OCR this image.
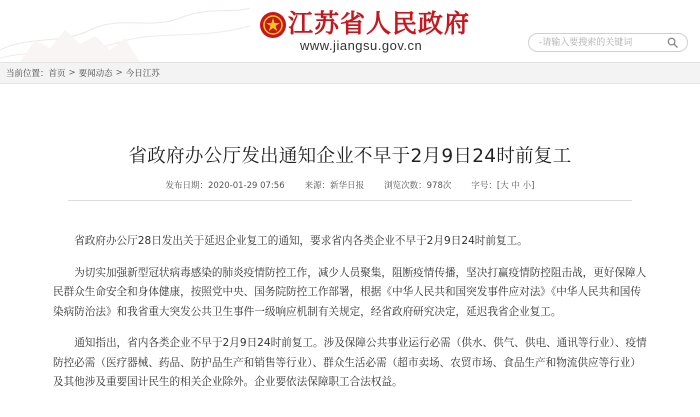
江苏省人民政府
www.jiangsu.gov.cn
-请输入要搜索的关键词
当前位置： 首页 > 要闻动态 > 今日江苏
省政府办公厅发出通知企业不早于2月9日24时前复工
发布日期：2020-01-29 07:56 来源：新华日报 浏览次数：978次 字号：[大 中 小]

省政府办公厅28日发出关于延迟企业复工的通知，要求省内各类企业不早于2月9日24时前复工。

为切实加强新型冠状病毒感染的肺炎疫情防控工作，减少人员聚集，阻断疫情传播，坚决打赢疫情防控阻击战，更好保障人民群众生命安全和身体健康，按照党中央、国务院防控工作部署，根据《中华人民共和国突发事件应对法》《中华人民共和国传染病防治法》和我省重大突发公共卫生事件一级响应机制有关规定，经省政府研究决定，延迟我省企业复工。

通知指出，省内各类企业不早于2月9日24时前复工。涉及保障公共事业运行必需（供水、供气、供电、通讯等行业）、疫情防控必需（医疗器械、药品、防护品生产和销售等行业）、群众生活必需（超市卖场、农贸市场、食品生产和物流供应等行业）及其他涉及重要国计民生的相关企业除外。企业要依法保障职工合法权益。
